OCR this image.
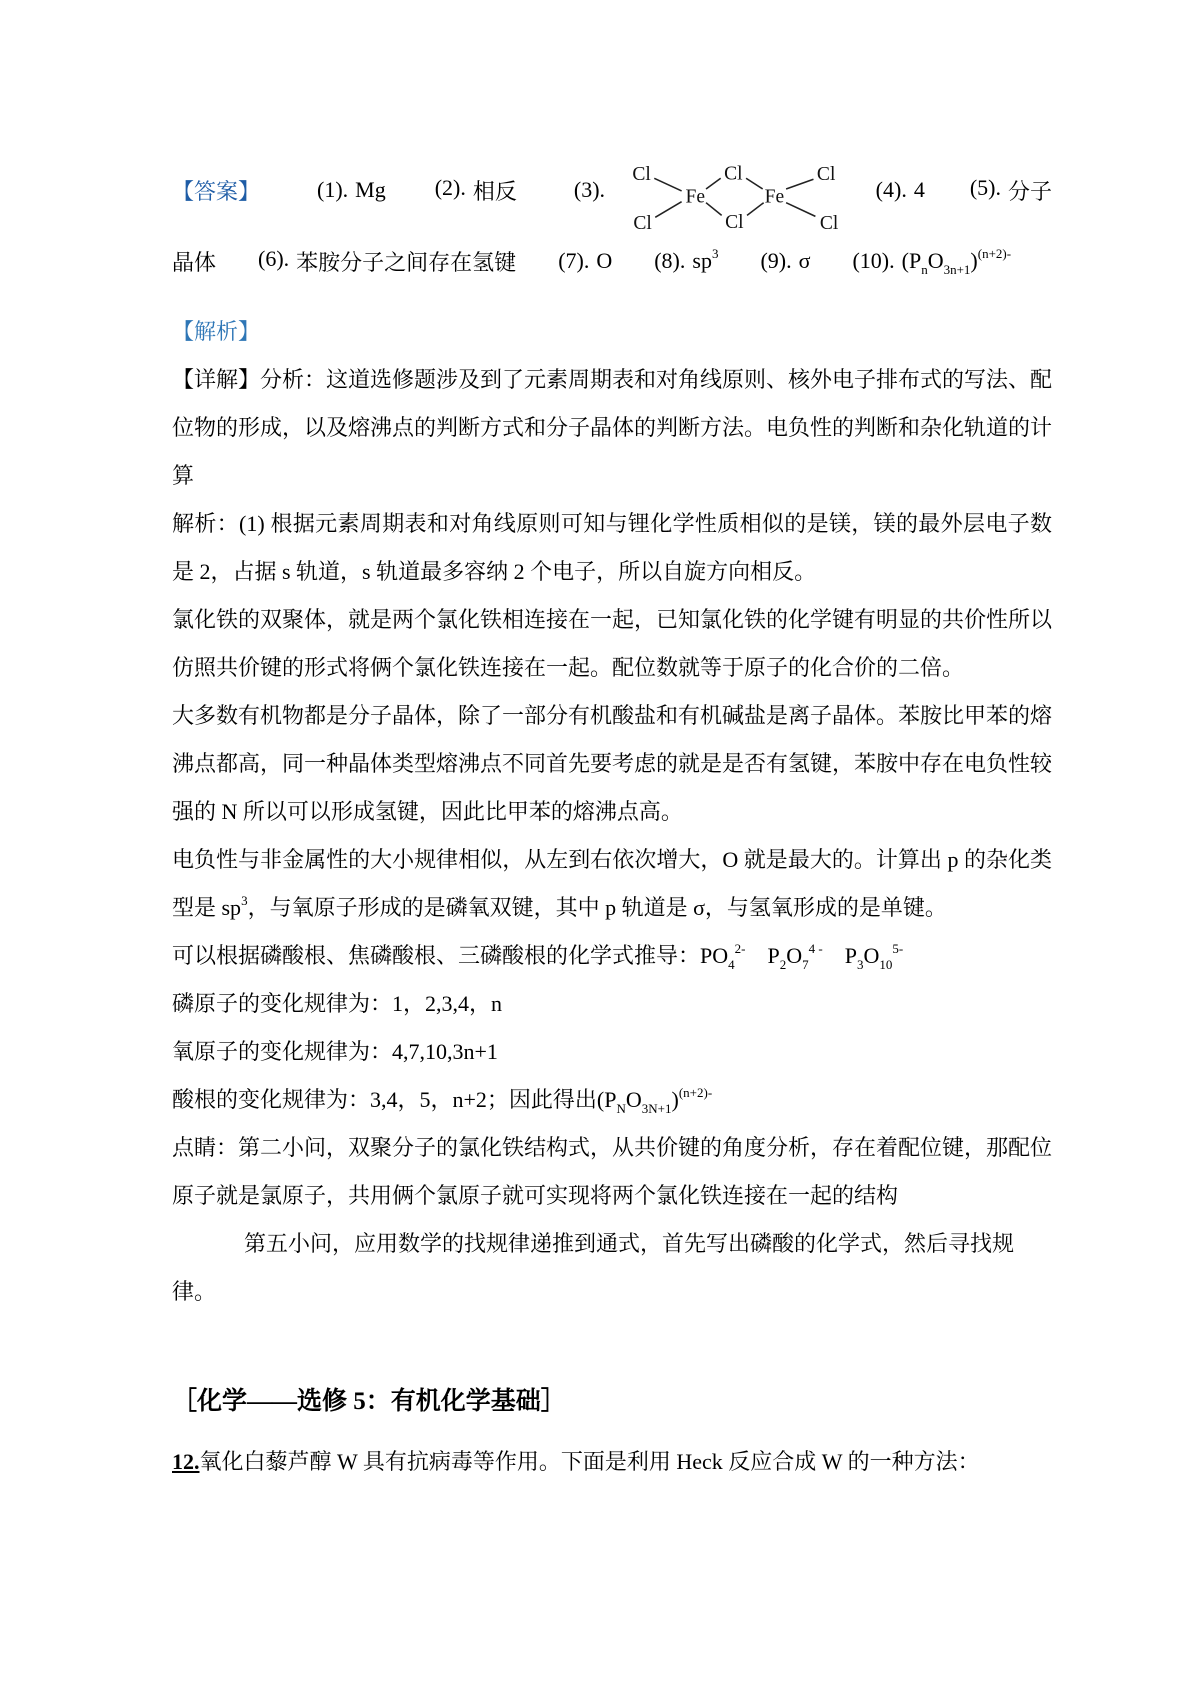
【答案】	(1). Mg (2). 相反	(3).
Cl
Cl
Fe
Cl
Cl
Fe
Cl
Cl
(4). 4 (5). 分子
晶体 (6). 苯胺分子之间存在氢键 (7). O (8). $sp^3$ (9). σ (10). $(P_nO_{3n+1})^{(n+2)-}$
【解析】

【详解】分析：这道选修题涉及到了元素周期表和对角线原则、核外电子排布式的写法、配位物的形成，以及熔沸点的判断方式和分子晶体的判断方法。电负性的判断和杂化轨道的计算

解析：(1) 根据元素周期表和对角线原则可知与锂化学性质相似的是镁，镁的最外层电子数是 2，占据 s 轨道，s 轨道最多容纳 2 个电子，所以自旋方向相反。

氯化铁的双聚体，就是两个氯化铁相连接在一起，已知氯化铁的化学键有明显的共价性所以仿照共价键的形式将俩个氯化铁连接在一起。配位数就等于原子的化合价的二倍。

大多数有机物都是分子晶体，除了一部分有机酸盐和有机碱盐是离子晶体。苯胺比甲苯的熔沸点都高，同一种晶体类型熔沸点不同首先要考虑的就是是否有氢键，苯胺中存在电负性较强的 N 所以可以形成氢键，因此比甲苯的熔沸点高。

电负性与非金属性的大小规律相似，从左到右依次增大，O 就是最大的。计算出 p 的杂化类型是 $sp^3$，与氧原子形成的是磷氧双键，其中 p 轨道是 σ，与氢氧形成的是单键。

可以根据磷酸根、焦磷酸根、三磷酸根的化学式推导：$PO_4^{2-}$　$P_2O_7^{4 -}$　$P_3O_{10}^{5-}$

磷原子的变化规律为：1，2,3,4，n

氧原子的变化规律为：4,7,10,3n+1

酸根的变化规律为：3,4，5，n+2；因此得出$(P_NO_{3N+1})^{(n+2)-}$

点睛：第二小问，双聚分子的氯化铁结构式，从共价键的角度分析，存在着配位键，那配位原子就是氯原子，共用俩个氯原子就可实现将两个氯化铁连接在一起的结构

第五小问，应用数学的找规律递推到通式，首先写出磷酸的化学式，然后寻找规律。

［化学——选修 5：有机化学基础］
12.氧化白藜芦醇 W 具有抗病毒等作用。下面是利用 Heck 反应合成 W 的一种方法：
